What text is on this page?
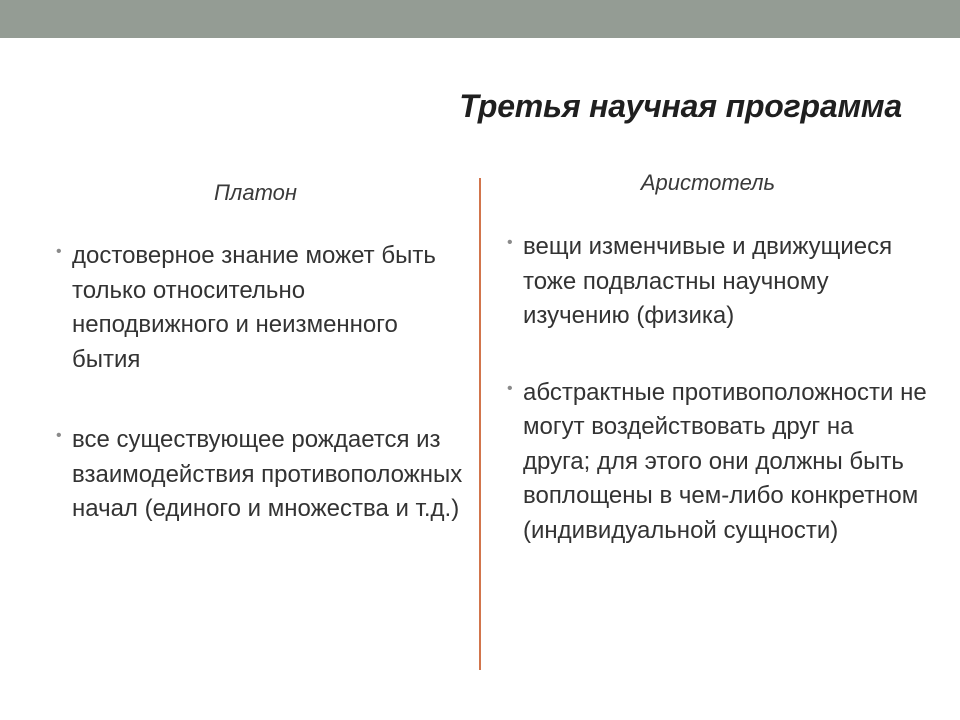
Третья научная программа
Платон	Аристотель
• достоверное знание может быть только относительно неподвижного и неизменного бытия
• все существующее рождается из взаимодействия противоположных начал (единого и множества и т.д.)
• вещи изменчивые и движущиеся тоже подвластны научному изучению (физика)
• абстрактные противоположности не могут воздействовать друг на друга; для этого они должны быть воплощены в чем-либо конкретном (индивидуальной сущности)
